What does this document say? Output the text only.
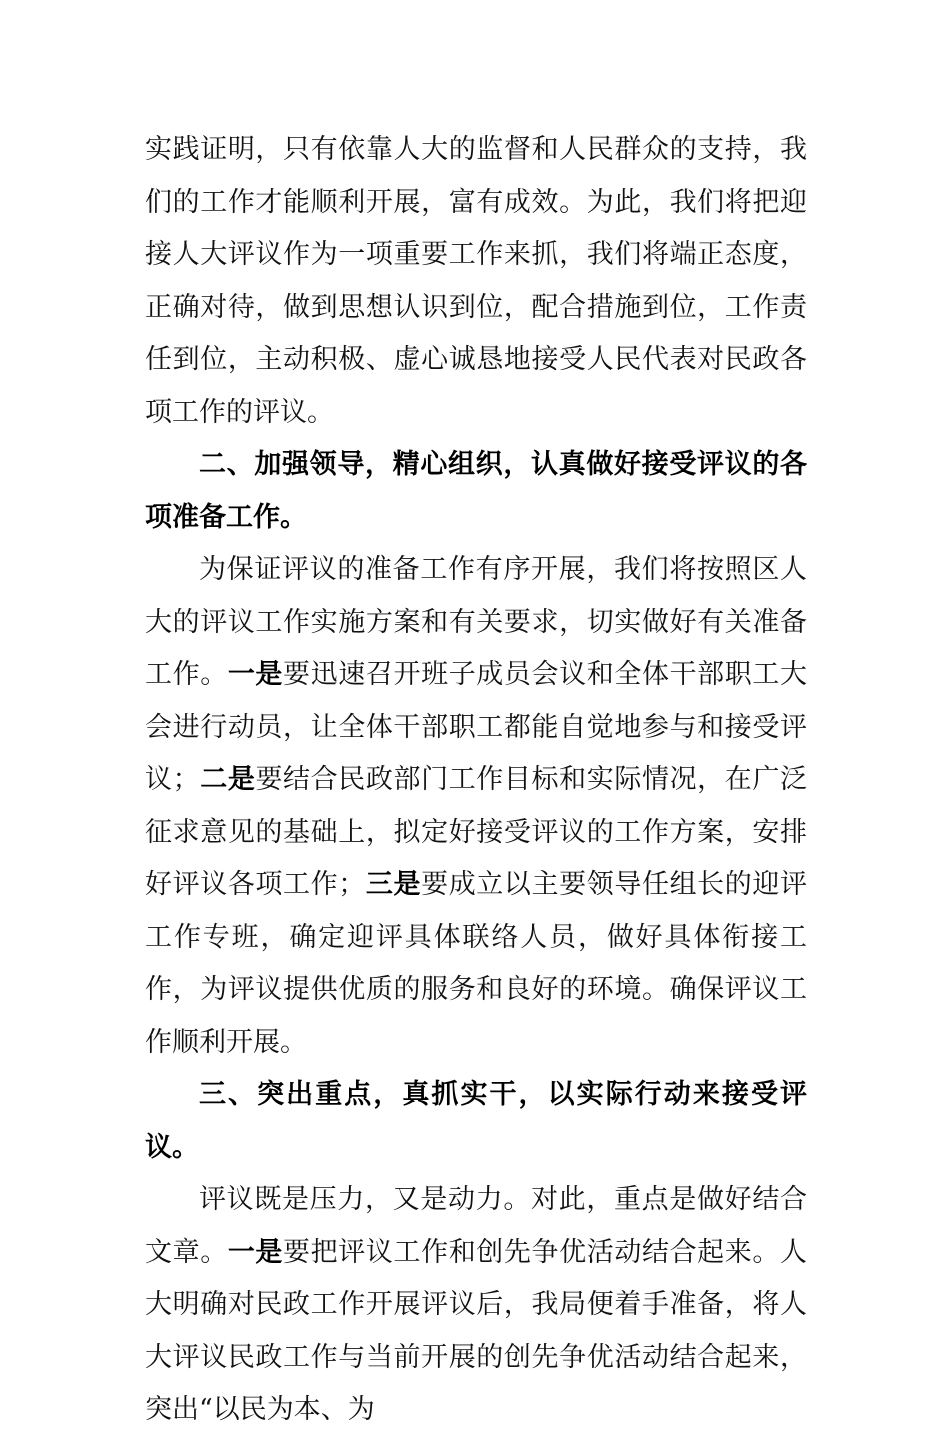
实践证明，只有依靠人大的监督和人民群众的支持，我们的工作才能顺利开展，富有成效。为此，我们将把迎接人大评议作为一项重要工作来抓，我们将端正态度，正确对待，做到思想认识到位，配合措施到位，工作责任到位，主动积极、虚心诚恳地接受人民代表对民政各项工作的评议。

二、加强领导，精心组织，认真做好接受评议的各项准备工作。

为保证评议的准备工作有序开展，我们将按照区人大的评议工作实施方案和有关要求，切实做好有关准备工作。一是要迅速召开班子成员会议和全体干部职工大会进行动员，让全体干部职工都能自觉地参与和接受评议；二是要结合民政部门工作目标和实际情况，在广泛征求意见的基础上，拟定好接受评议的工作方案，安排好评议各项工作；三是要成立以主要领导任组长的迎评工作专班，确定迎评具体联络人员，做好具体衔接工作，为评议提供优质的服务和良好的环境。确保评议工作顺利开展。

三、突出重点，真抓实干，以实际行动来接受评议。

评议既是压力，又是动力。对此，重点是做好结合文章。一是要把评议工作和创先争优活动结合起来。人大明确对民政工作开展评议后，我局便着手准备，将人大评议民政工作与当前开展的创先争优活动结合起来，突出“以民为本、为
